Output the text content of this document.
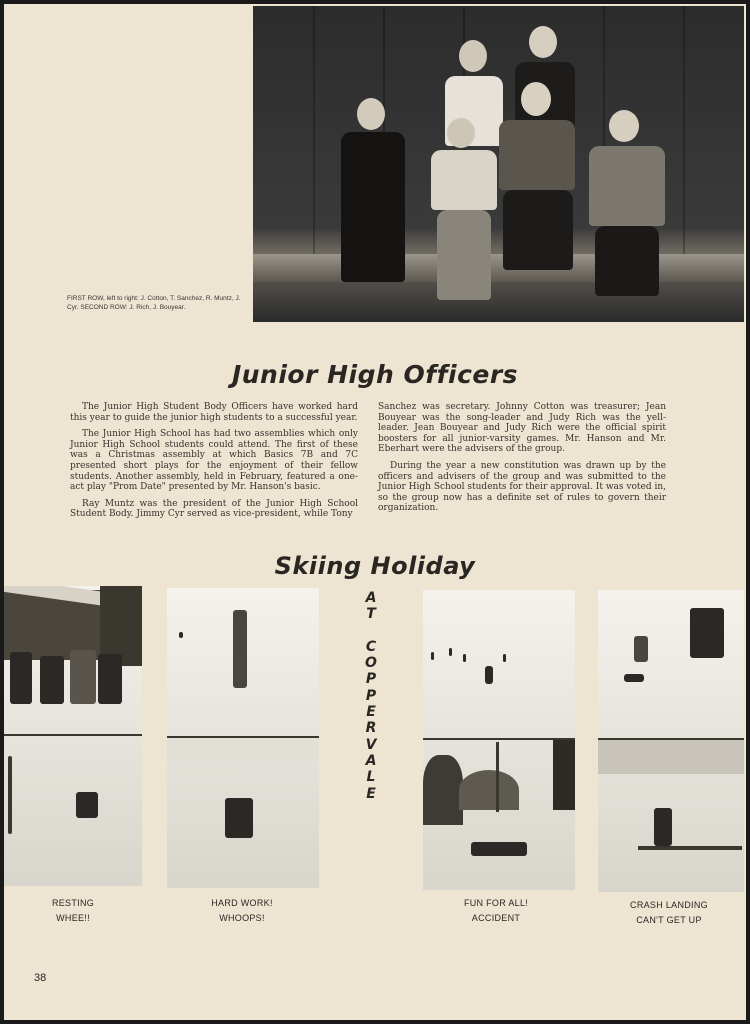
FIRST ROW, left to right: J. Cotton, T. Sanchez, R. Muntz, J. Cyr. SECOND ROW: J. Rich, J. Bouyear.
Junior High Officers

The Junior High Student Body Officers have worked hard this year to guide the junior high students to a successful year.

The Junior High School has had two assemblies which only Junior High School students could attend. The first of these was a Christmas assembly at which Basics 7B and 7C presented short plays for the enjoyment of their fellow students. Another assembly, held in February, featured a one-act play "Prom Date" presented by Mr. Hanson's basic.

Ray Muntz was the president of the Junior High School Student Body. Jimmy Cyr served as vice-president, while Tony

Sanchez was secretary. Johnny Cotton was treasurer; Jean Bouyear was the song-leader and Judy Rich was the yell-leader. Jean Bouyear and Judy Rich were the official spirit boosters for all junior-varsity games. Mr. Hanson and Mr. Eberhart were the advisers of the group.

During the year a new constitution was drawn up by the officers and advisers of the group and was submitted to the Junior High School students for their approval. It was voted in, so the group now has a definite set of rules to govern their organization.

Skiing Holiday
A
T

C
O
P
P
E
R
V
A
L
E
RESTING
WHEE!!
HARD WORK!
WHOOPS!
FUN FOR ALL!
ACCIDENT
CRASH LANDING
CAN'T GET UP
38
